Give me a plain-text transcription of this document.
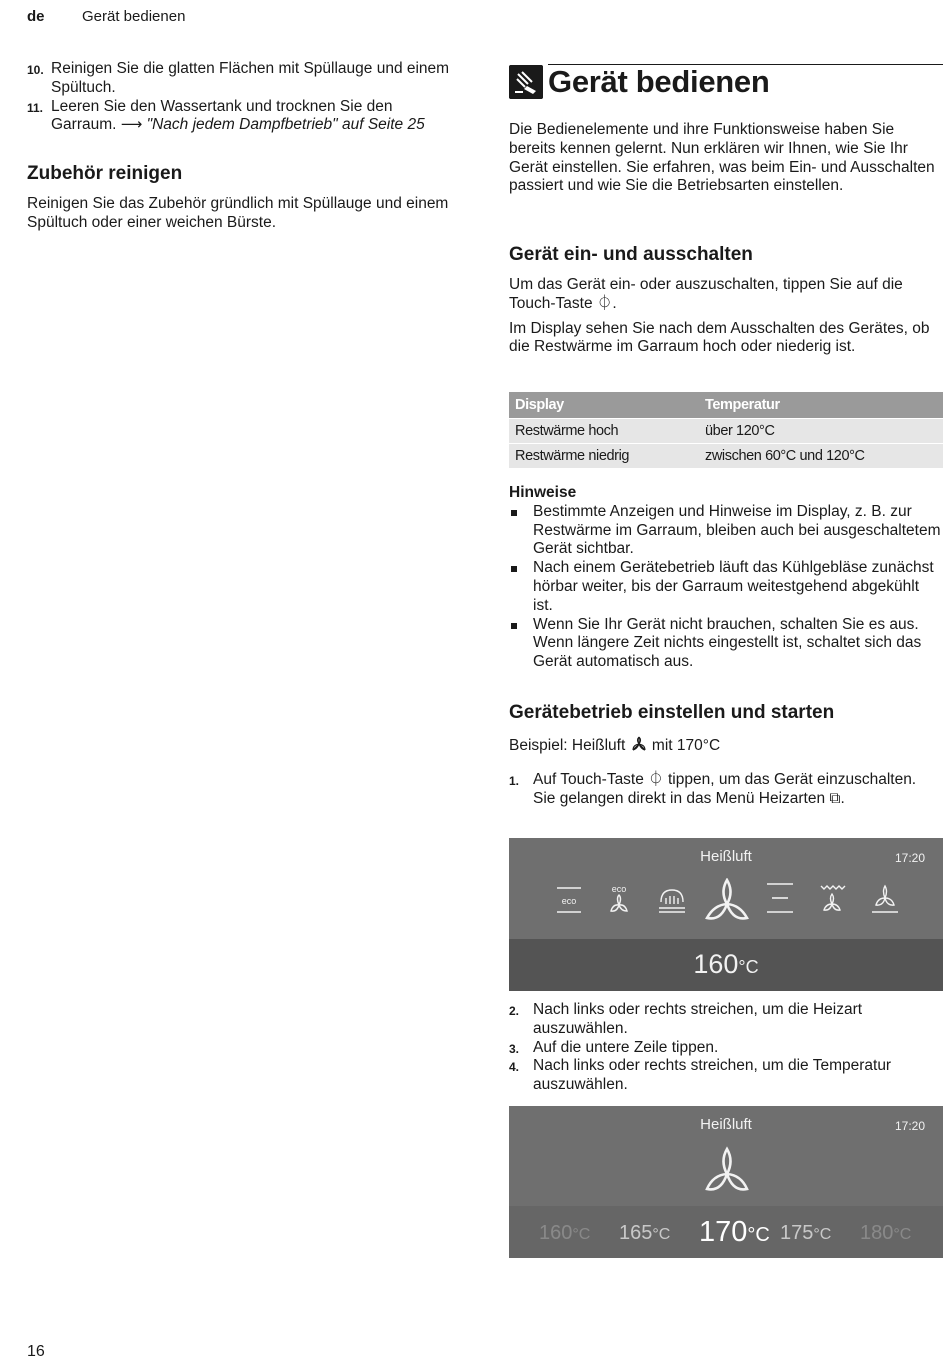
de Gerät bedienen
10. Reinigen Sie die glatten Flächen mit Spüllauge und einem Spültuch.
11. Leeren Sie den Wassertank und trocknen Sie den Garraum. ⟶ "Nach jedem Dampfbetrieb" auf Seite 25
Zubehör reinigen

Reinigen Sie das Zubehör gründlich mit Spüllauge und einem Spültuch oder einer weichen Bürste.

Gerät bedienen

Die Bedienelemente und ihre Funktionsweise haben Sie bereits kennen gelernt. Nun erklären wir Ihnen, wie Sie Ihr Gerät einstellen. Sie erfahren, was beim Ein- und Ausschalten passiert und wie Sie die Betriebsarten einstellen.

Gerät ein- und ausschalten

Um das Gerät ein- oder auszuschalten, tippen Sie auf die Touch-Taste ⏀.

Im Display sehen Sie nach dem Ausschalten des Gerätes, ob die Restwärme im Garraum hoch oder niederig ist.

Display	Temperatur
Restwärme hoch	über 120°C
Restwärme niedrig	zwischen 60°C und 120°C
Hinweise
Bestimmte Anzeigen und Hinweise im Display, z. B. zur Restwärme im Garraum, bleiben auch bei ausgeschaltetem Gerät sichtbar.
Nach einem Gerätebetrieb läuft das Kühlgebläse zunächst hörbar weiter, bis der Garraum weitestgehend abgekühlt ist.
Wenn Sie Ihr Gerät nicht brauchen, schalten Sie es aus. Wenn längere Zeit nichts eingestellt ist, schaltet sich das Gerät automatisch aus.
Gerätebetrieb einstellen und starten

Beispiel: Heißluft mit 170°C

1. Auf Touch-Taste ⏀ tippen, um das Gerät einzuschalten.
Sie gelangen direkt in das Menü Heizarten ⧉.
Heißluft	17:20
eco
eco
160°C
2. Nach links oder rechts streichen, um die Heizart auszuwählen.
3. Auf die untere Zeile tippen.
4. Nach links oder rechts streichen, um die Temperatur auszuwählen.
Heißluft	17:20
160°C 165°C 170°C 175°C 180°C
16
